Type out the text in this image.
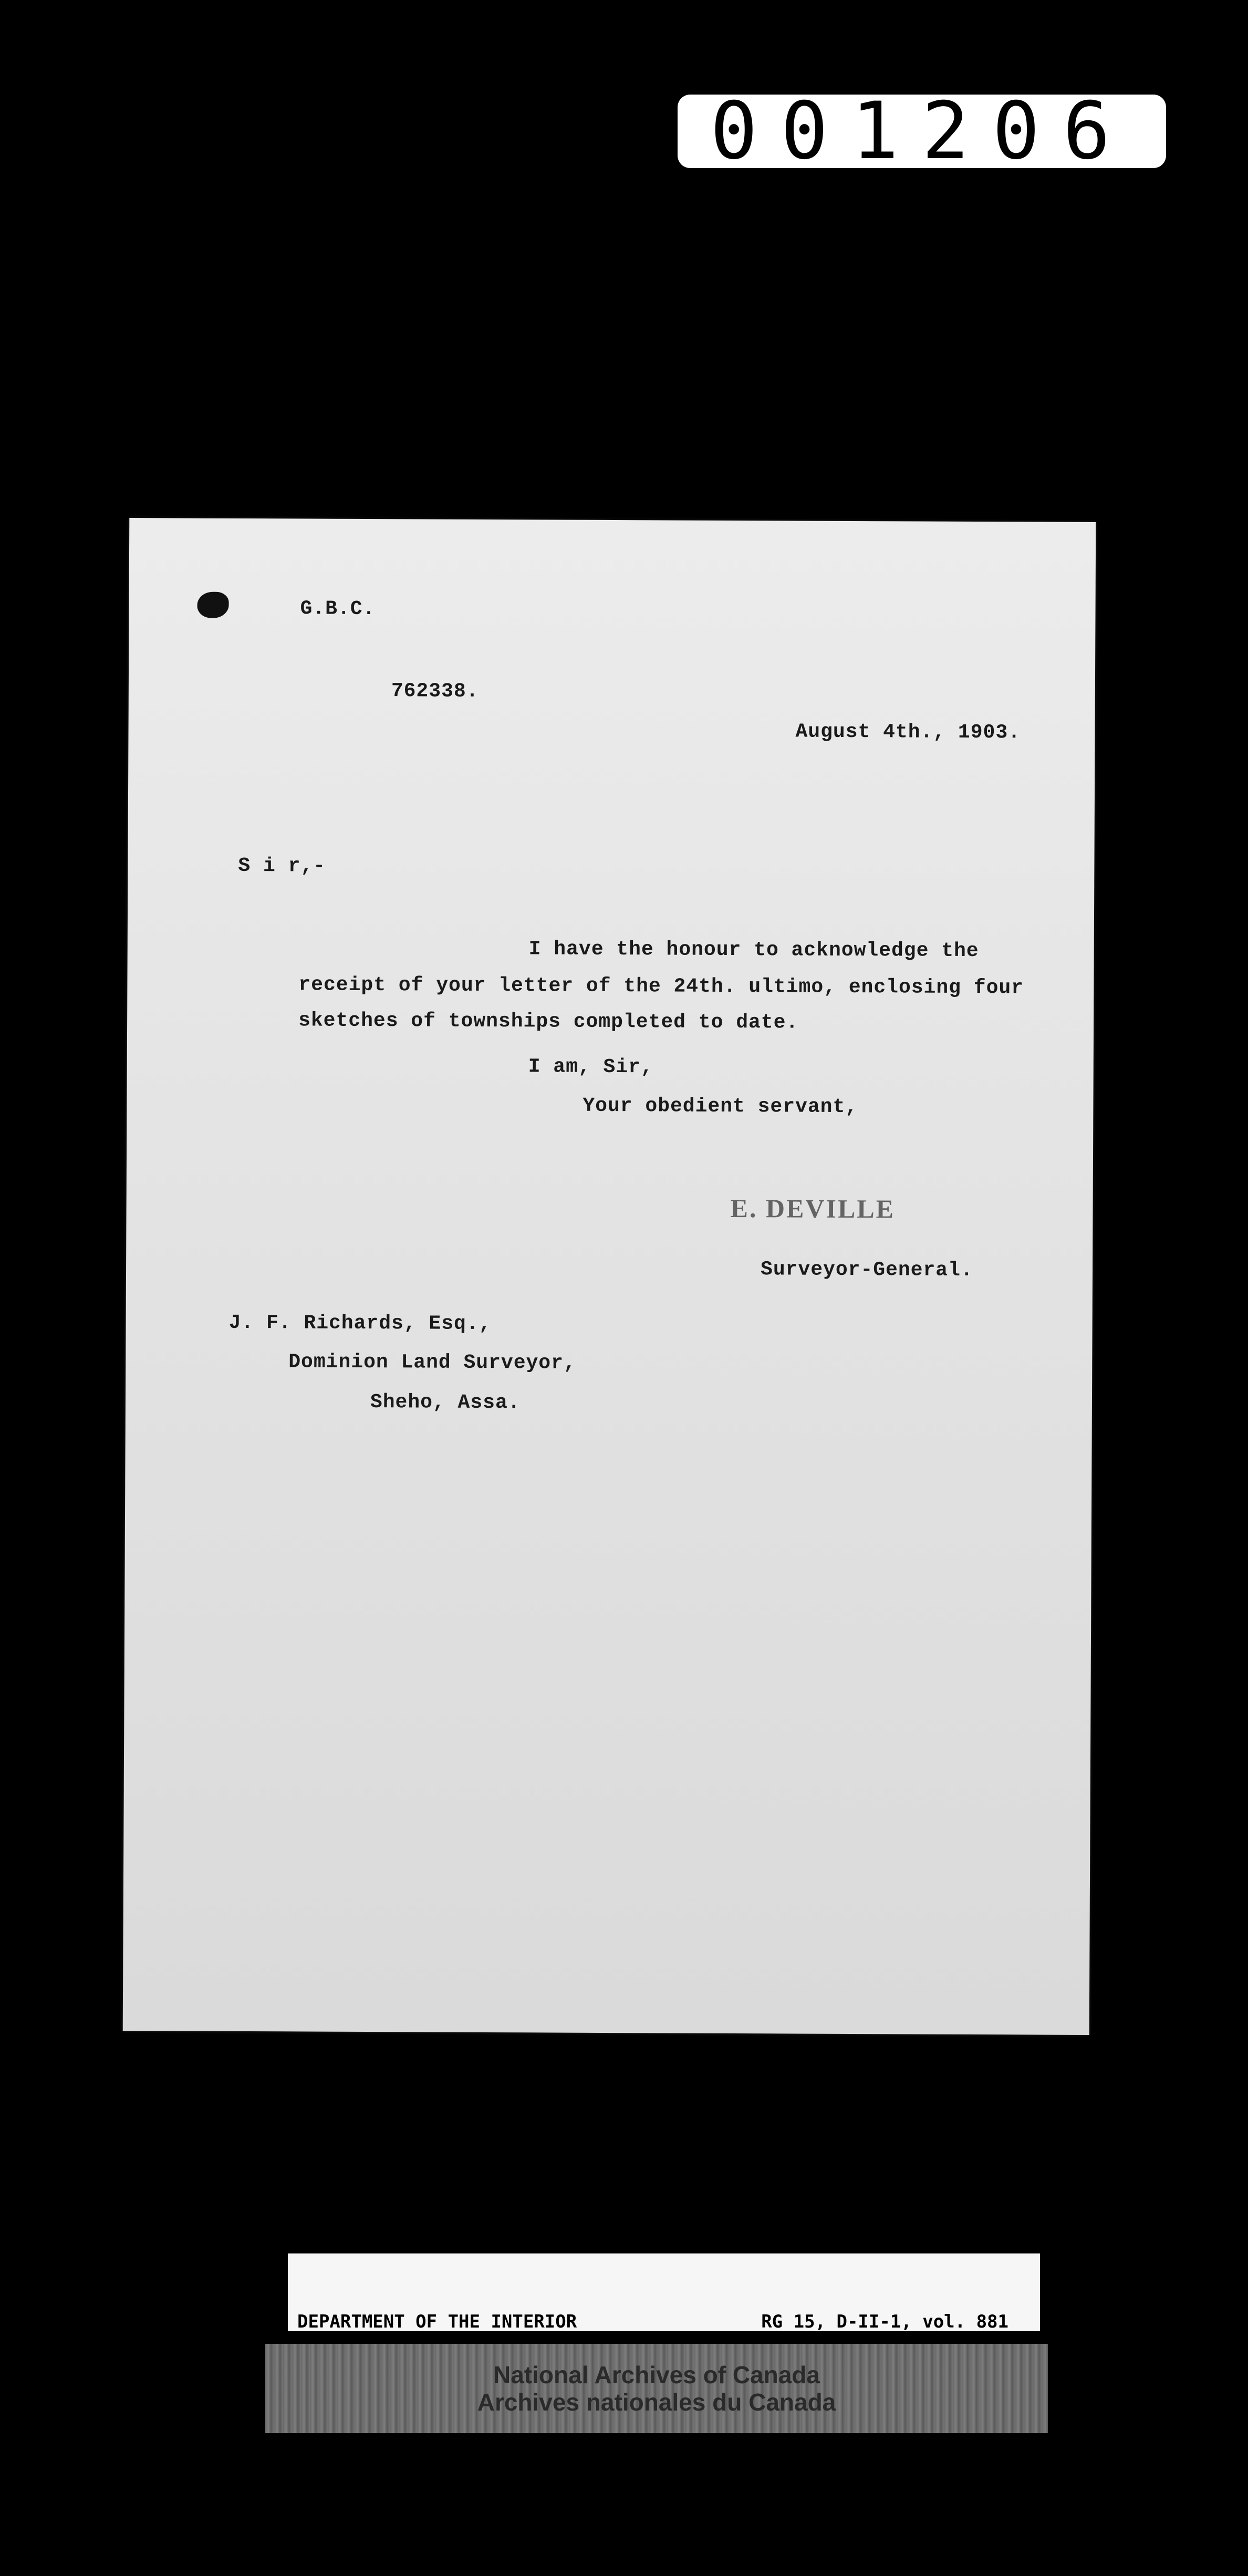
001206
G.B.C.
762338.
August 4th., 1903.
S i r,-
I have the honour to acknowledge the
receipt of your letter of the 24th. ultimo, enclosing four
sketches of townships completed to date.
I am, Sir,
Your obedient servant,
E. DEVILLE
Surveyor-General.
J. F. Richards, Esq.,
Dominion Land Surveyor,
Sheho, Assa.

DEPARTMENT OF THE INTERIOR

	RG 15, D-II-1, vol. 881

National Archives of Canada
Archives nationales du Canada
